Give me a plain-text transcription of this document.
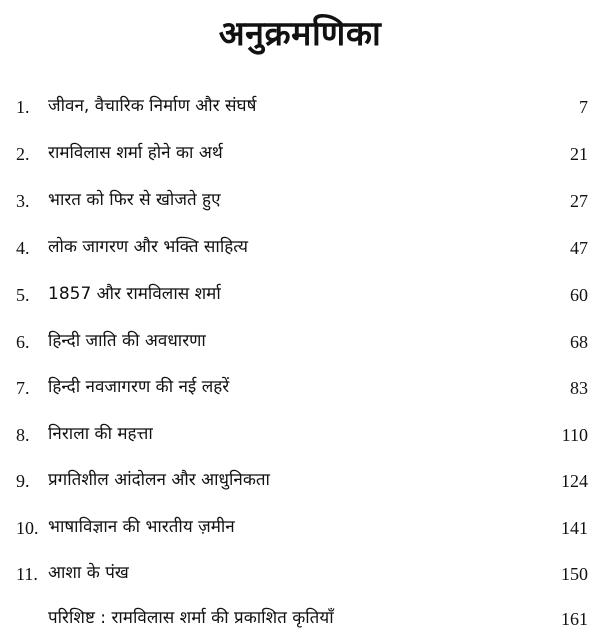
अनुक्रमणिका
1. जीवन, वैचारिक निर्माण और संघर्ष	7
2. रामविलास शर्मा होने का अर्थ	21
3. भारत को फिर से खोजते हुए	27
4. लोक जागरण और भक्ति साहित्य	47
5. 1857 और रामविलास शर्मा	60
6. हिन्दी जाति की अवधारणा	68
7. हिन्दी नवजागरण की नई लहरें	83
8. निराला की महत्ता	110
9. प्रगतिशील आंदोलन और आधुनिकता	124
10. भाषाविज्ञान की भारतीय ज़मीन	141
11. आशा के पंख	150
परिशिष्ट : रामविलास शर्मा की प्रकाशित कृतियाँ	161
